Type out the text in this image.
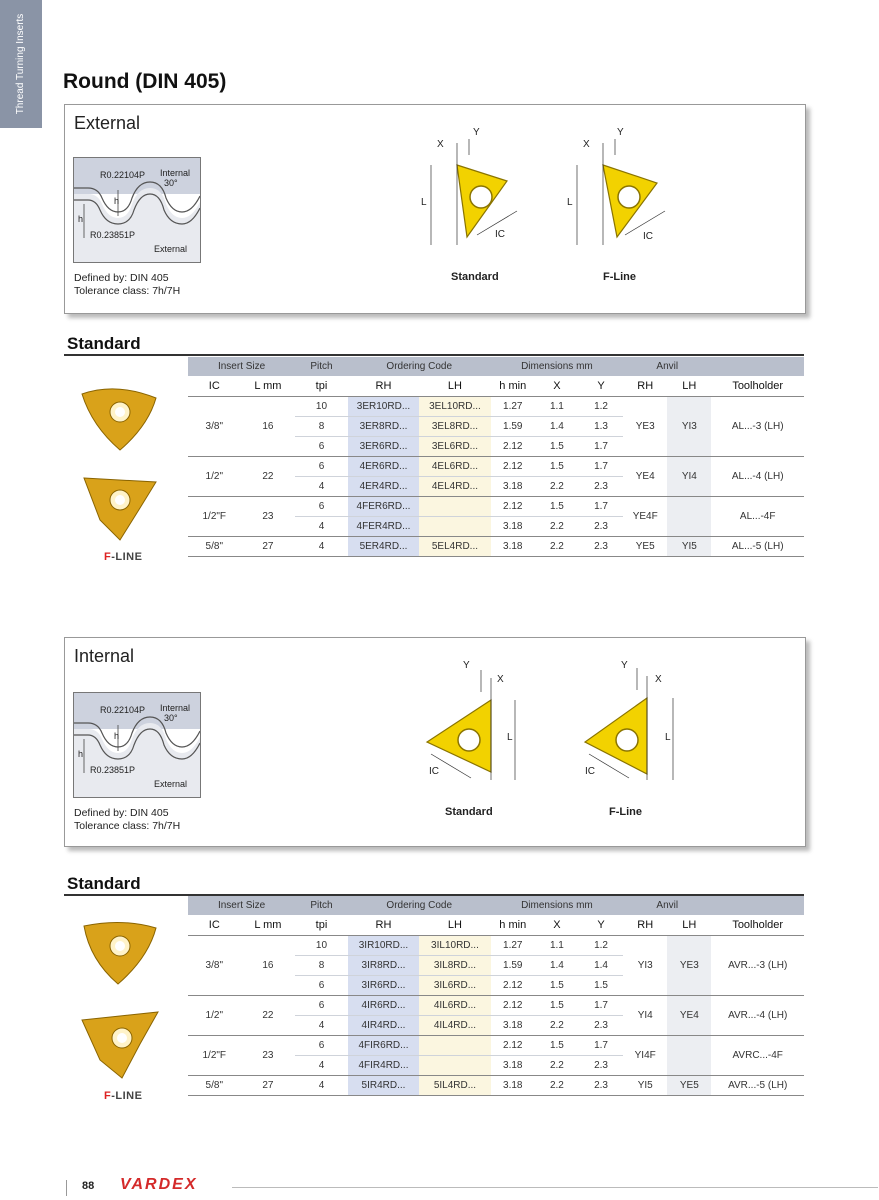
Thread Turning Inserts Round (DIN 405)
External
R0.22104P Internal
30°
h
h
R0.23851P
External
Defined by: DIN 405
Tolerance class: 7h/7H
X
Y
L
IC
Standard
X
Y
L
IC
F-Line
Standard
F-LINE
Insert Size		Pitch	Ordering Code		Dimensions mm			Anvil		
IC	L mm	tpi	RH	LH	h min	X	Y	RH	LH	Toolholder
3/8"	16	10	3ER10RD...	3EL10RD...	1.27	1.1	1.2	YE3	YI3	AL...-3 (LH)
		8	3ER8RD...	3EL8RD...	1.59	1.4	1.3			
		6	3ER6RD...	3EL6RD...	2.12	1.5	1.7			
1/2"	22	6	4ER6RD...	4EL6RD...	2.12	1.5	1.7	YE4	YI4	AL...-4 (LH)
		4	4ER4RD...	4EL4RD...	3.18	2.2	2.3			
1/2"F	23	6	4FER6RD...		2.12	1.5	1.7	YE4F		AL...-4F
		4	4FER4RD...		3.18	2.2	2.3			
5/8"	27	4	5ER4RD...	5EL4RD...	3.18	2.2	2.3	YE5	YI5	AL...-5 (LH)
Internal
R0.22104P Internal
30°
h
h
R0.23851P
External
Defined by: DIN 405
Tolerance class: 7h/7H
Y
X
L
IC
Standard
Y
X
L
IC
F-Line
Standard
F-LINE
Insert Size		Pitch	Ordering Code		Dimensions mm			Anvil		
IC	L mm	tpi	RH	LH	h min	X	Y	RH	LH	Toolholder
3/8"	16	10	3IR10RD...	3IL10RD...	1.27	1.1	1.2	YI3	YE3	AVR...-3 (LH)
		8	3IR8RD...	3IL8RD...	1.59	1.4	1.4			
		6	3IR6RD...	3IL6RD...	2.12	1.5	1.5			
1/2"	22	6	4IR6RD...	4IL6RD...	2.12	1.5	1.7	YI4	YE4	AVR...-4 (LH)
		4	4IR4RD...	4IL4RD...	3.18	2.2	2.3			
1/2"F	23	6	4FIR6RD...		2.12	1.5	1.7	YI4F		AVRC...-4F
		4	4FIR4RD...		3.18	2.2	2.3			
5/8"	27	4	5IR4RD...	5IL4RD...	3.18	2.2	2.3	YI5	YE5	AVR...-5 (LH)
88 VARDEX
